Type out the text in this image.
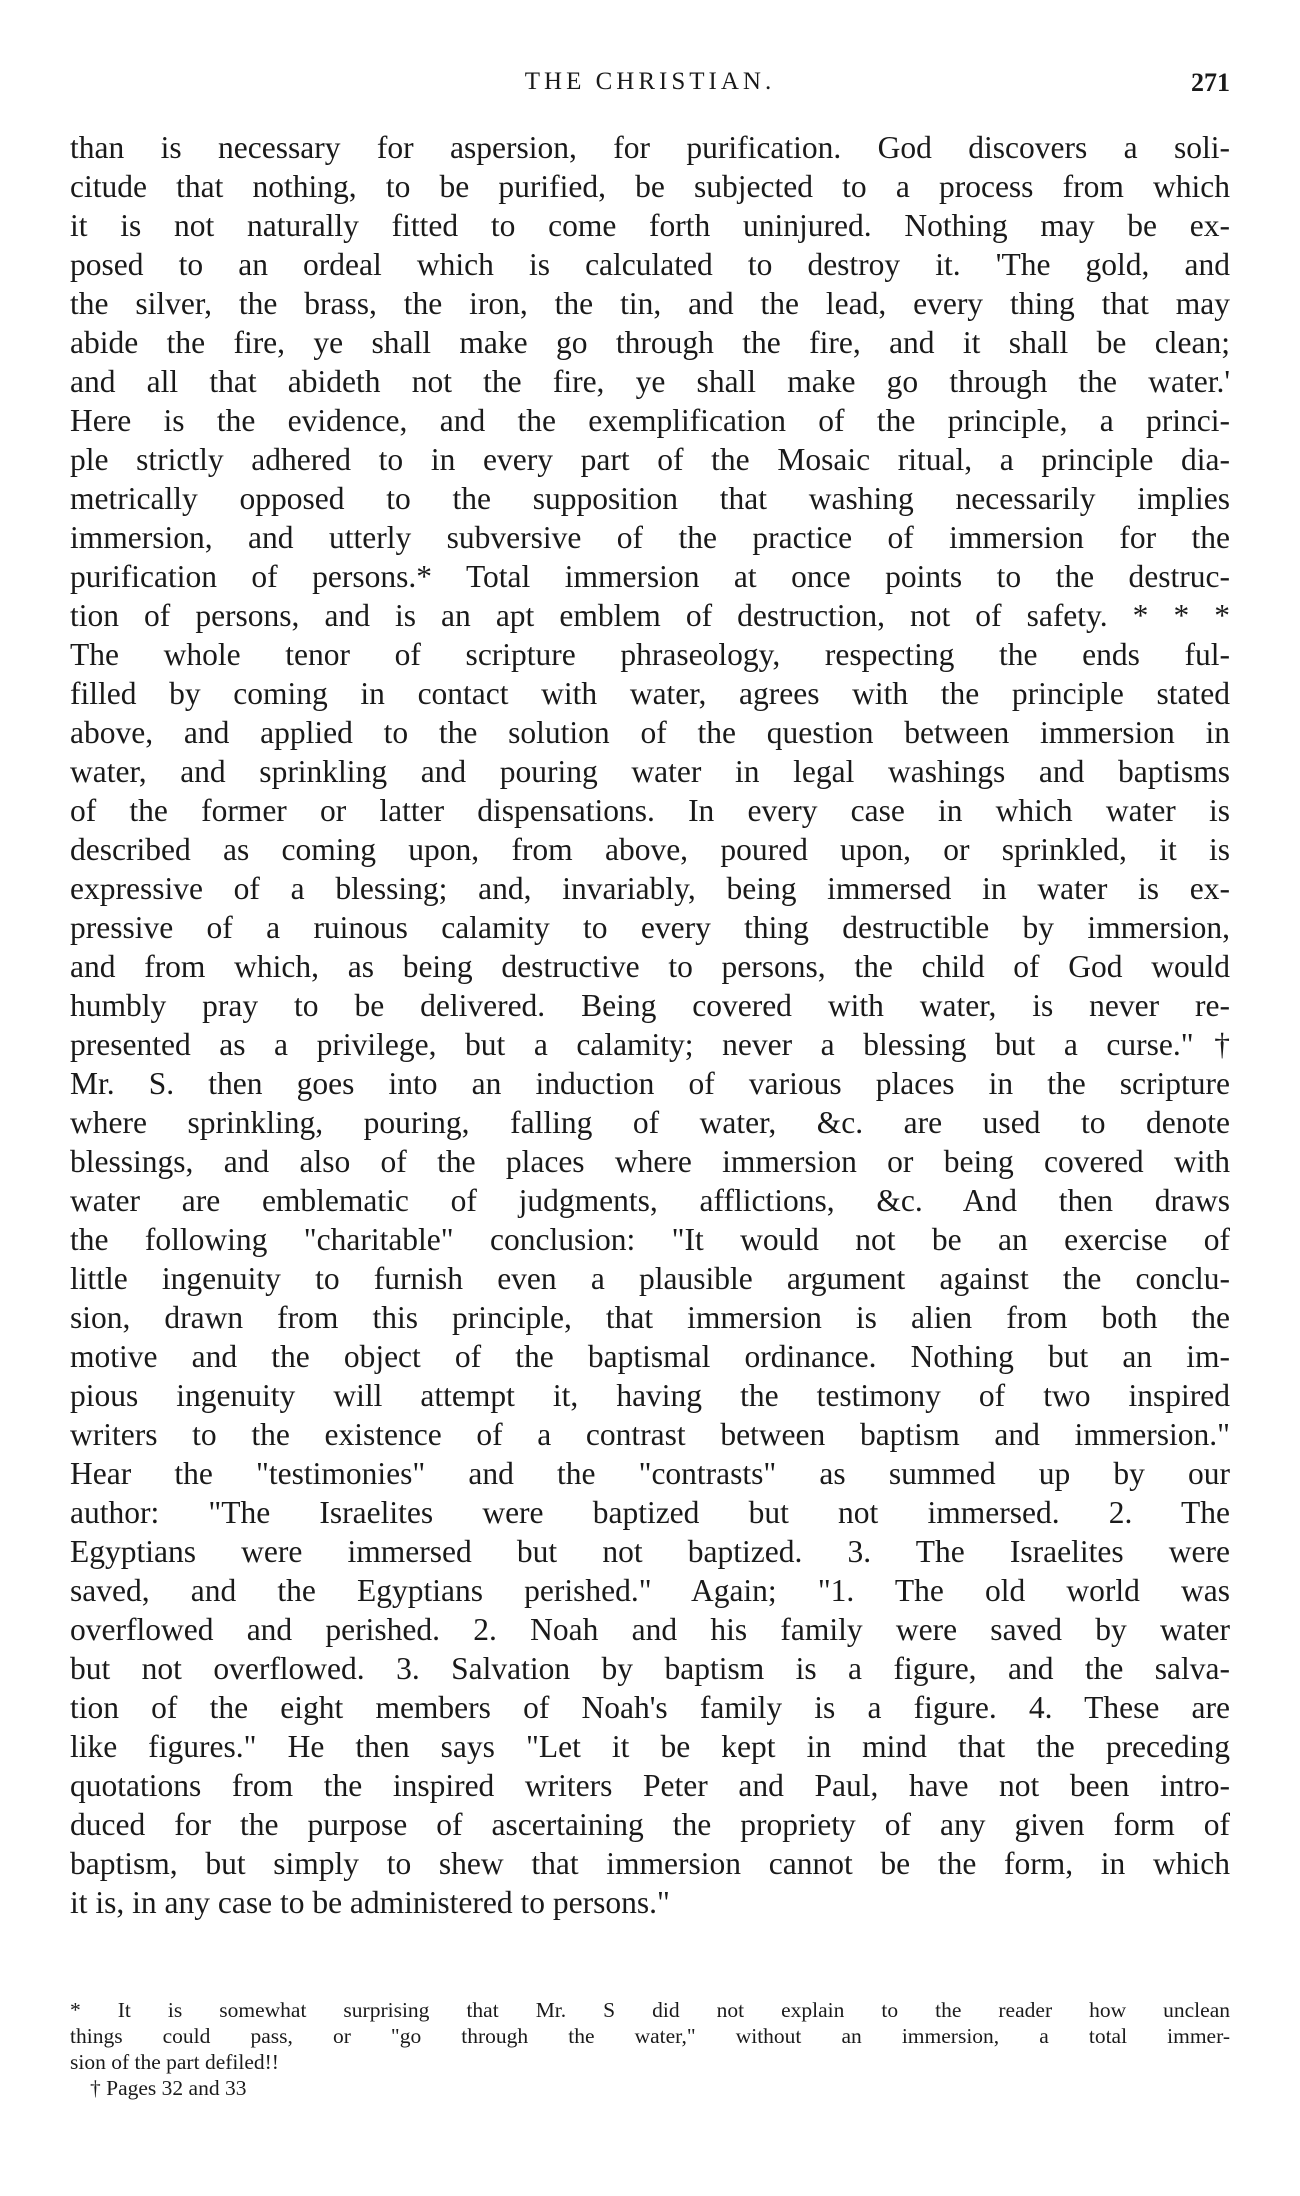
THE CHRISTIAN.	271
than is necessary for aspersion, for purification. God discovers a soli-
citude that nothing, to be purified, be subjected to a process from which
it is not naturally fitted to come forth uninjured. Nothing may be ex-
posed to an ordeal which is calculated to destroy it. 'The gold, and
the silver, the brass, the iron, the tin, and the lead, every thing that may
abide the fire, ye shall make go through the fire, and it shall be clean;
and all that abideth not the fire, ye shall make go through the water.'
Here is the evidence, and the exemplification of the principle, a princi-
ple strictly adhered to in every part of the Mosaic ritual, a principle dia-
metrically opposed to the supposition that washing necessarily implies
immersion, and utterly subversive of the practice of immersion for the
purification of persons.* Total immersion at once points to the destruc-
tion of persons, and is an apt emblem of destruction, not of safety. * * *
The whole tenor of scripture phraseology, respecting the ends ful-
filled by coming in contact with water, agrees with the principle stated
above, and applied to the solution of the question between immersion in
water, and sprinkling and pouring water in legal washings and baptisms
of the former or latter dispensations. In every case in which water is
described as coming upon, from above, poured upon, or sprinkled, it is
expressive of a blessing; and, invariably, being immersed in water is ex-
pressive of a ruinous calamity to every thing destructible by immersion,
and from which, as being destructive to persons, the child of God would
humbly pray to be delivered. Being covered with water, is never re-
presented as a privilege, but a calamity; never a blessing but a curse."†
Mr. S. then goes into an induction of various places in the scripture
where sprinkling, pouring, falling of water, &c. are used to denote
blessings, and also of the places where immersion or being covered with
water are emblematic of judgments, afflictions, &c. And then draws
the following "charitable" conclusion: "It would not be an exercise of
little ingenuity to furnish even a plausible argument against the conclu-
sion, drawn from this principle, that immersion is alien from both the
motive and the object of the baptismal ordinance. Nothing but an im-
pious ingenuity will attempt it, having the testimony of two inspired
writers to the existence of a contrast between baptism and immersion."
Hear the "testimonies" and the "contrasts" as summed up by our
author: "The Israelites were baptized but not immersed. 2. The
Egyptians were immersed but not baptized. 3. The Israelites were
saved, and the Egyptians perished." Again; "1. The old world was
overflowed and perished. 2. Noah and his family were saved by water
but not overflowed. 3. Salvation by baptism is a figure, and the salva-
tion of the eight members of Noah's family is a figure. 4. These are
like figures." He then says "Let it be kept in mind that the preceding
quotations from the inspired writers Peter and Paul, have not been intro-
duced for the purpose of ascertaining the propriety of any given form of
baptism, but simply to shew that immersion cannot be the form, in which
it is, in any case to be administered to persons."
* It is somewhat surprising that Mr. S did not explain to the reader how unclean
things could pass, or "go through the water," without an immersion, a total immer-
sion of the part defiled!!
† Pages 32 and 33
